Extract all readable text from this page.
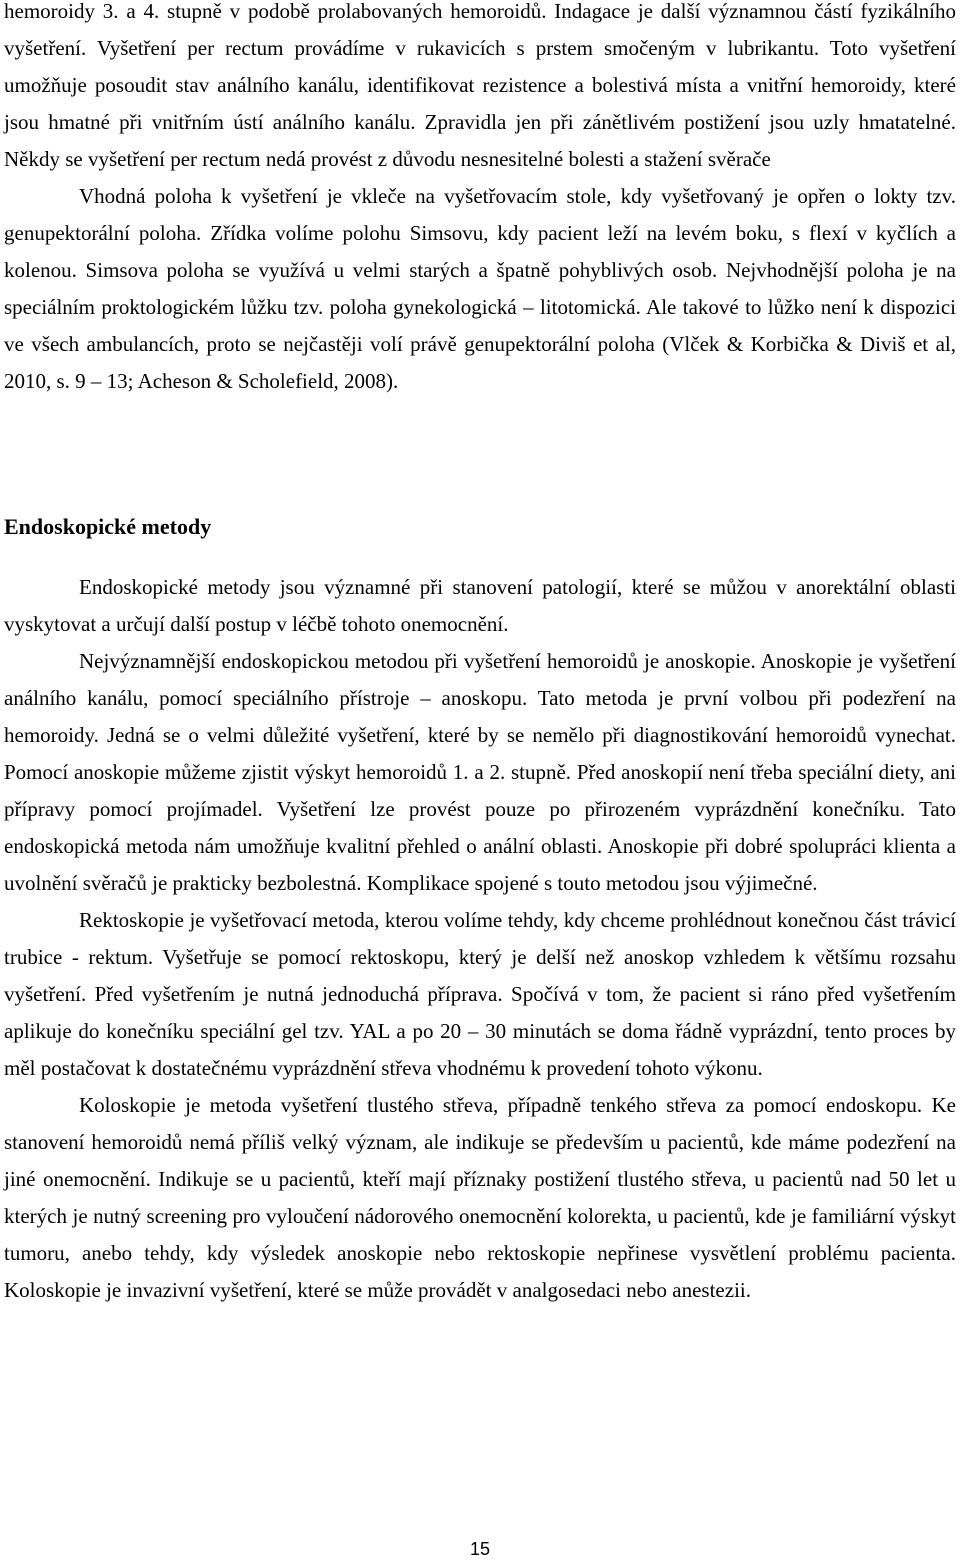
hemoroidy 3. a 4. stupně v podobě prolabovaných hemoroidů. Indagace je další významnou částí fyzikálního vyšetření. Vyšetření per rectum provádíme v rukavicích s prstem smočeným v lubrikantu. Toto vyšetření umožňuje posoudit stav análního kanálu, identifikovat rezistence a bolestivá místa a vnitřní hemoroidy, které jsou hmatné při vnitřním ústí análního kanálu. Zpravidla jen při zánětlivém postižení jsou uzly hmatatelné. Někdy se vyšetření per rectum nedá provést z důvodu nesnesitelné bolesti a stažení svěrače

Vhodná poloha k vyšetření je vkleče na vyšetřovacím stole, kdy vyšetřovaný je opřen o lokty tzv. genupektorální poloha. Zřídka volíme polohu Simsovu, kdy pacient leží na levém boku, s flexí v kyčlích a kolenou. Simsova poloha se využívá u velmi starých a špatně pohyblivých osob. Nejvhodnější poloha je na speciálním proktologickém lůžku tzv. poloha gynekologická – litotomická. Ale takové to lůžko není k dispozici ve všech ambulancích, proto se nejčastěji volí právě genupektorální poloha (Vlček & Korbička & Diviš et al, 2010, s. 9 – 13; Acheson & Scholefield, 2008).

Endoskopické metody

Endoskopické metody jsou významné při stanovení patologií, které se můžou v anorektální oblasti vyskytovat a určují další postup v léčbě tohoto onemocnění.

Nejvýznamnější endoskopickou metodou při vyšetření hemoroidů je anoskopie. Anoskopie je vyšetření análního kanálu, pomocí speciálního přístroje – anoskopu. Tato metoda je první volbou při podezření na hemoroidy. Jedná se o velmi důležité vyšetření, které by se nemělo při diagnostikování hemoroidů vynechat. Pomocí anoskopie můžeme zjistit výskyt hemoroidů 1. a 2. stupně. Před anoskopií není třeba speciální diety, ani přípravy pomocí projímadel. Vyšetření lze provést pouze po přirozeném vyprázdnění konečníku. Tato endoskopická metoda nám umožňuje kvalitní přehled o anální oblasti. Anoskopie při dobré spolupráci klienta a uvolnění svěračů je prakticky bezbolestná. Komplikace spojené s touto metodou jsou výjimečné.

Rektoskopie je vyšetřovací metoda, kterou volíme tehdy, kdy chceme prohlédnout konečnou část trávicí trubice - rektum. Vyšetřuje se pomocí rektoskopu, který je delší než anoskop vzhledem k většímu rozsahu vyšetření. Před vyšetřením je nutná jednoduchá příprava. Spočívá v tom, že pacient si ráno před vyšetřením aplikuje do konečníku speciální gel tzv. YAL a po 20 – 30 minutách se doma řádně vyprázdní, tento proces by měl postačovat k dostatečnému vyprázdnění střeva vhodnému k provedení tohoto výkonu.

Koloskopie je metoda vyšetření tlustého střeva, případně tenkého střeva za pomocí endoskopu. Ke stanovení hemoroidů nemá příliš velký význam, ale indikuje se především u pacientů, kde máme podezření na jiné onemocnění. Indikuje se u pacientů, kteří mají příznaky postižení tlustého střeva, u pacientů nad 50 let u kterých je nutný screening pro vyloučení nádorového onemocnění kolorekta, u pacientů, kde je familiární výskyt tumoru, anebo tehdy, kdy výsledek anoskopie nebo rektoskopie nepřinese vysvětlení problému pacienta. Koloskopie je invazivní vyšetření, které se může provádět v analgosedaci nebo anestezii.

15
